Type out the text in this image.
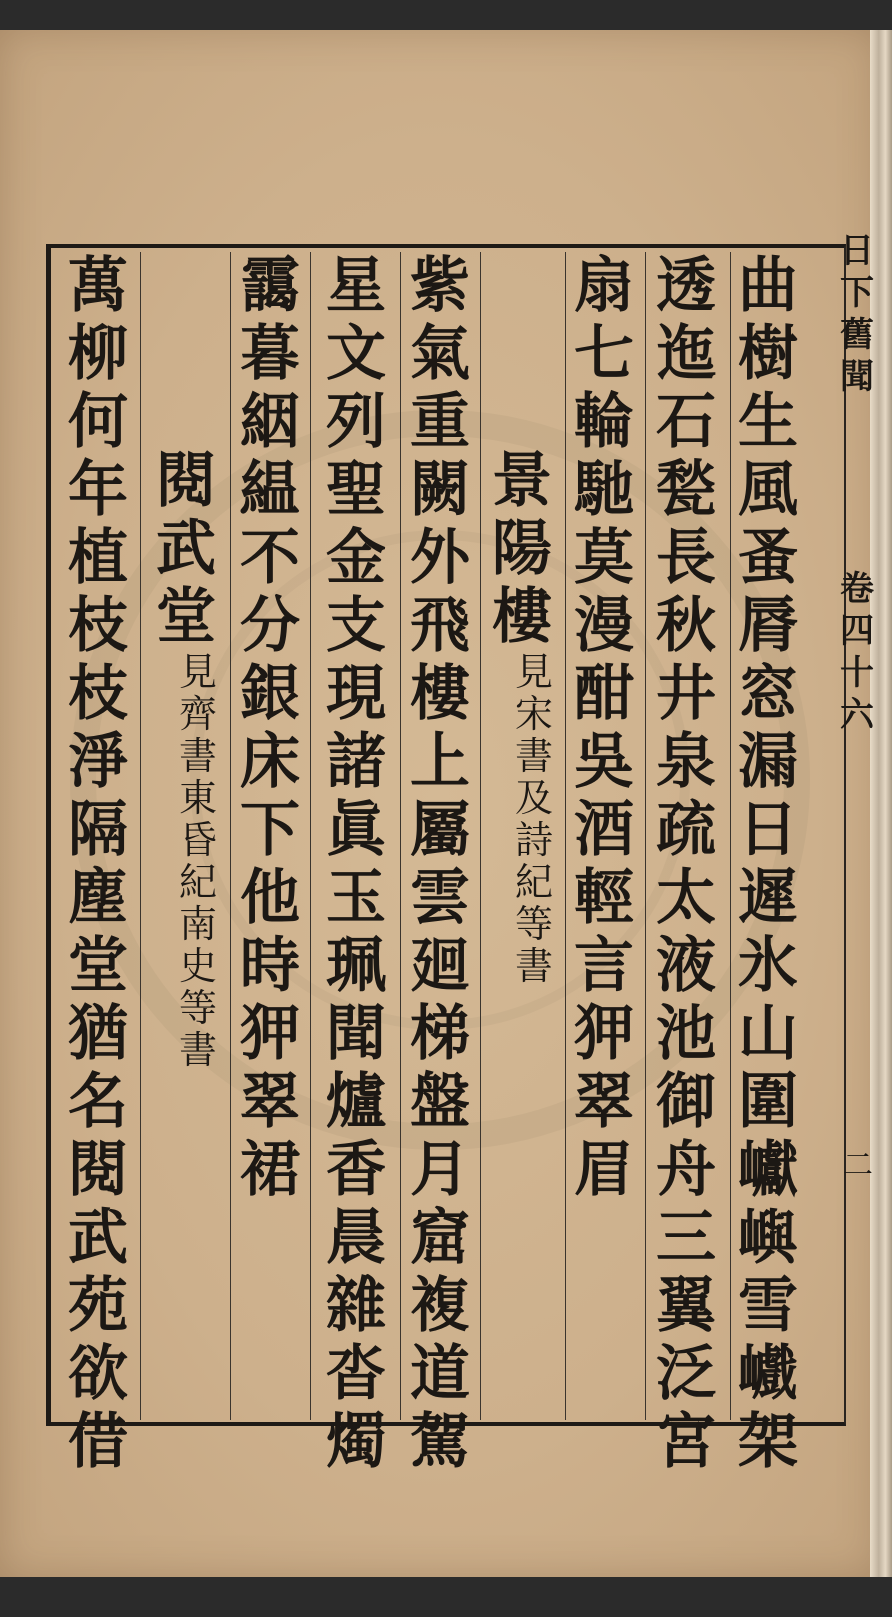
日
下
舊
聞
卷
四
十
六
二
曲
樹
生
風
蚤
脣
窓
漏
日
遲
氷
山
圍
巘
嶼
雪
巇
架
透
迤
石
甃
長
秋
井
泉
疏
太
液
池
御
舟
三
翼
泛
宮
扇
七
輪
馳
莫
漫
酣
吳
酒
輕
言
狎
翠
眉
景
陽
樓
見
宋
書
及
詩
紀
等
書
紫
氣
重
闕
外
飛
樓
上
屬
雲
廻
梯
盤
月
窟
複
道
駕
星
文
列
聖
金
支
現
諸
眞
玉
珮
聞
爐
香
晨
雜
沓
燭
靄
暮
絪
緼
不
分
銀
床
下
他
時
狎
翠
裙
閱
武
堂
見
齊
書
東
昏
紀
南
史
等
書
萬
柳
何
年
植
枝
枝
淨
隔
塵
堂
猶
名
閱
武
苑
欲
借
